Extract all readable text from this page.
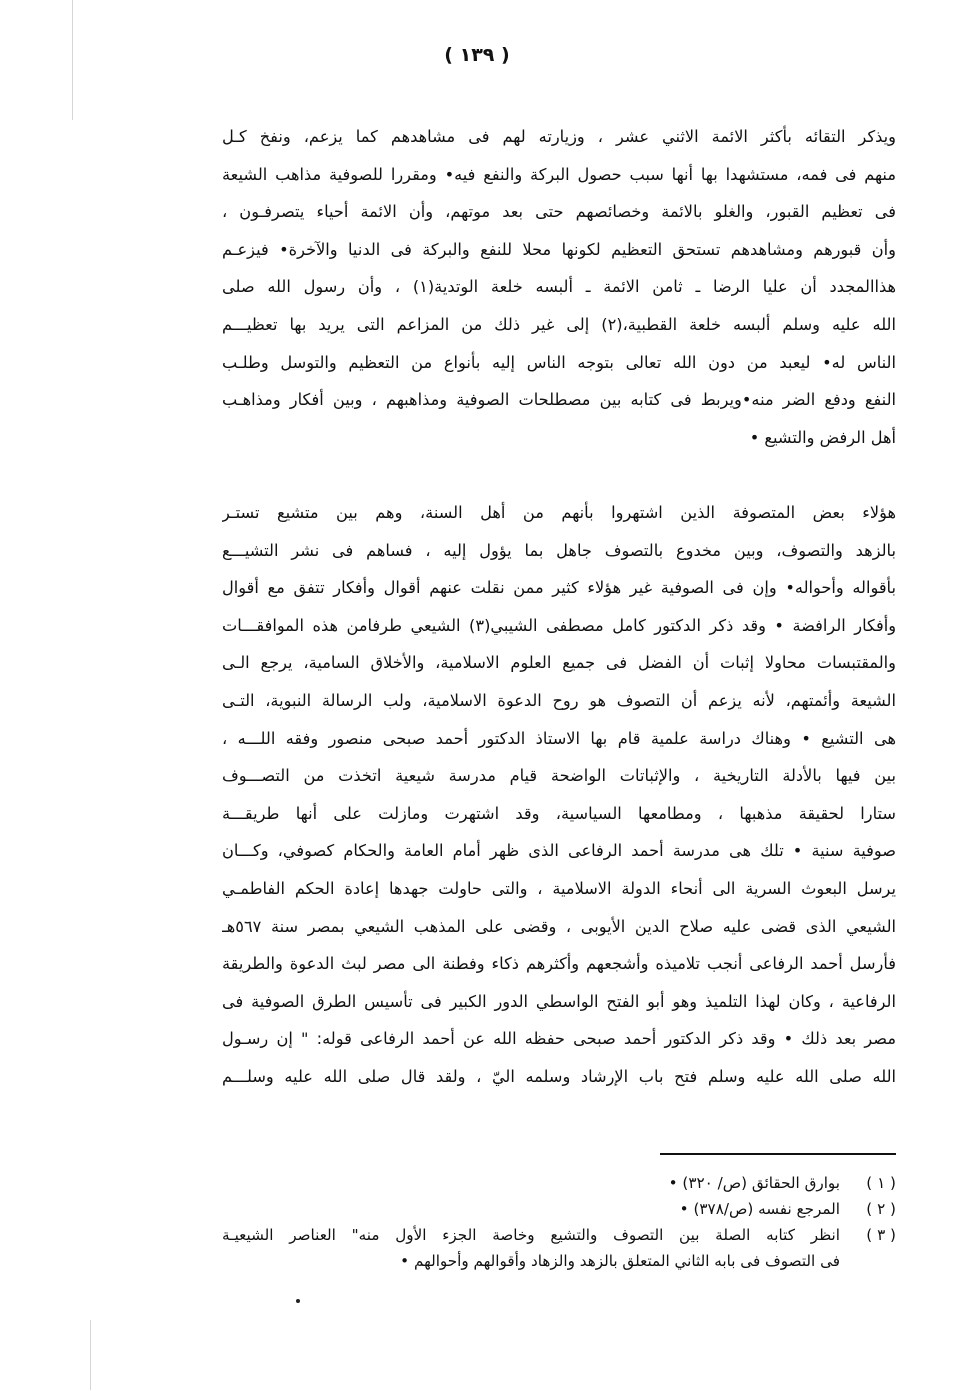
( ١٣٩ )
ويذكر التقائه بأكثر الائمة الاثني عشر ، وزيارته لهم فى مشاهدهم كما يزعم، ونفخ كـل
منهم فى فمه، مستشهدا بها أنها سبب حصول البركة والنفع فيه• ومقررا للصوفية مذاهب الشيعة
فى تعظيم القبور، والغلو بالائمة وخصائصهم حتى بعد موتهم، وأن الائمة أحياء يتصرفـون ،
وأن قبورهم ومشاهدهم تستحق التعظيم لكونها محلا للنفع والبركة فى الدنيا والآخرة• فيزعـم
هذاالمجدد أن عليا الرضا ـ ثامن الائمة ـ ألبسه خلعة الوتدية(١) ، وأن رسول الله صلى
الله عليه وسلم ألبسه خلعة القطبية،(٢) إلى غير ذلك من المزاعم التى يريد بها تعظيـــم
الناس له• ليعبد من دون الله تعالى بتوجه الناس إليه بأنواع من التعظيم والتوسل وطلـب
النفع ودفع الضر منه•ويربط فى كتابه بين مصطلحات الصوفية ومذاهبهم ، وبين أفكار ومذاهـب
أهل الرفض والتشيع •
هؤلاء بعض المتصوفة الذين اشتهروا بأنهم من أهل السنة، وهم بين متشيع تستـر
بالزهد والتصوف، وبين مخدوع بالتصوف جاهل بما يؤول إليه ، فساهم فى نشر التشيـــع
بأقواله وأحواله• وإن فى الصوفية غير هؤلاء كثير ممن نقلت عنهم أقوال وأفكار تتفق مع أقوال
وأفكار الرافضة • وقد ذكر الدكتور كامل مصطفى الشيبي(٣) الشيعي طرفامن هذه الموافقـــات
والمقتبسات محاولا إثبات أن الفضل فى جميع العلوم الاسلامية، والأخلاق السامية، يرجع الـى
الشيعة وأئمتهم، لأنه يزعم أن التصوف هو روح الدعوة الاسلامية، ولب الرسالة النبوية، التـى
هى التشيع • وهناك دراسة علمية قام بها الاستاذ الدكتور أحمد صبحى منصور وفقه اللـــه ،
بين فيها بالأدلة التاريخية ، والإثباتات الواضحة قيام مدرسة شيعية اتخذت من التصـــوف
ستارا لحقيقة مذهبها ، ومطامعها السياسية، وقد اشتهرت ومازلت على أنها طريقـــة
صوفية سنية • تلك هى مدرسة أحمد الرفاعى الذى ظهر أمام العامة والحكام كصوفي، وكـــان
يرسل البعوث السرية الى أنحاء الدولة الاسلامية ، والتى حاولت جهدها إعادة الحكم الفاطمـي
الشيعي الذى قضى عليه صلاح الدين الأيوبى ، وقضى على المذهب الشيعي بمصر سنة ٥٦٧هـ
فأرسل أحمد الرفاعى أنجب تلاميذه وأشجعهم وأكثرهم ذكاء وفطنة الى مصر لبث الدعوة والطريقة
الرفاعية ، وكان لهذا التلميذ وهو أبو الفتح الواسطي الدور الكبير فى تأسيس الطرق الصوفية فى
مصر بعد ذلك • وقد ذكر الدكتور أحمد صبحى حفظه الله عن أحمد الرفاعى قوله: " إن رسـول
الله صلى الله عليه وسلم فتح باب الإرشاد وسلمه اليّ ، ولقد قال صلى الله عليه وسلـــم
( ١ )
بوارق الحقائق (ص/ ٣٢٠) •
( ٢ )
المرجع نفسه (ص/٣٧٨) •
( ٣ )
انظر كتابه الصلة بين التصوف والتشيع وخاصة الجزء الأول منه" العناصر الشيعيـة
فى التصوف فى بابه الثاني المتعلق بالزهد والزهاد وأقوالهم وأحوالهم •
